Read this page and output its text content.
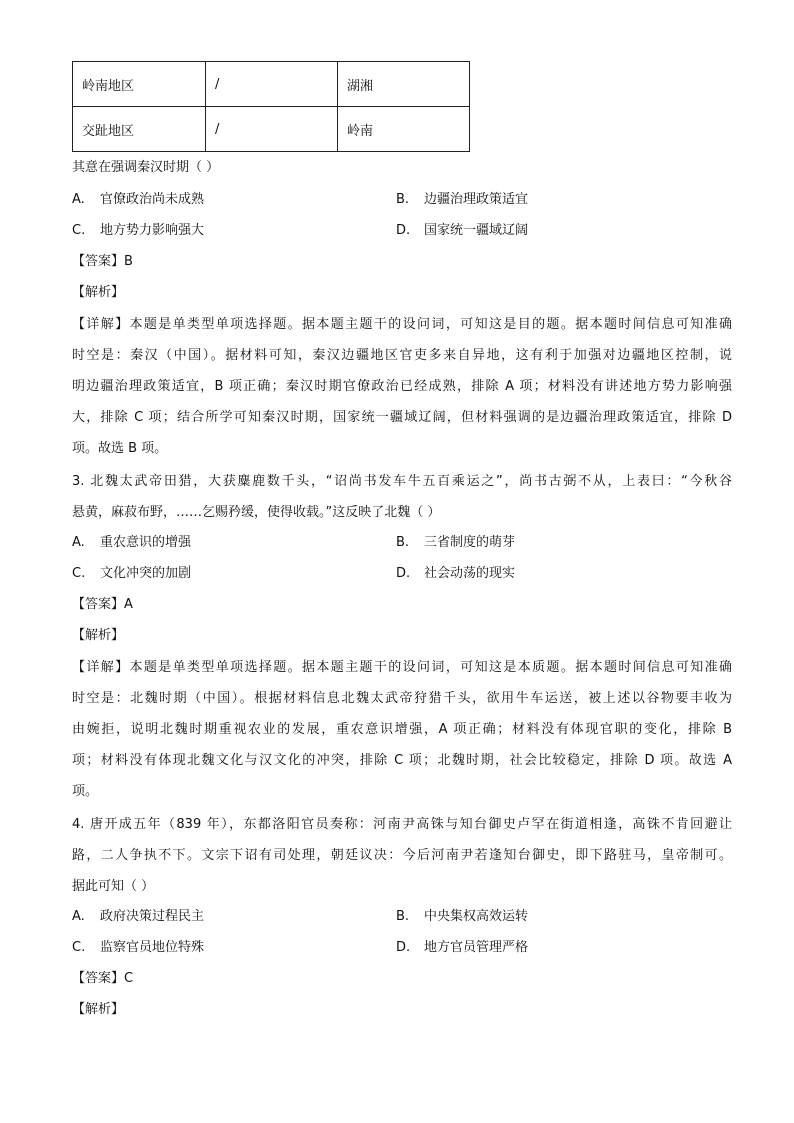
岭南地区	/	湖湘
交趾地区	/	岭南
其意在强调秦汉时期（ ）
A. 官僚政治尚未成熟	B. 边疆治理政策适宜
C. 地方势力影响强大	D. 国家统一疆域辽阔
【答案】B
【解析】
【详解】本题是单类型单项选择题。据本题主题干的设问词，可知这是目的题。据本题时间信息可知准确
时空是：秦汉（中国）。据材料可知，秦汉边疆地区官吏多来自异地，这有利于加强对边疆地区控制，说
明边疆治理政策适宜，B 项正确；秦汉时期官僚政治已经成熟，排除 A 项；材料没有讲述地方势力影响强
大，排除 C 项；结合所学可知秦汉时期，国家统一疆域辽阔，但材料强调的是边疆治理政策适宜，排除 D
项。故选 B 项。
3. 北魏太武帝田猎，大获麋鹿数千头，“诏尚书发车牛五百乘运之”，尚书古弼不从，上表曰：“今秋谷
悬黄，麻菽布野，……乞赐矜缓，使得收载。”这反映了北魏（ ）
A. 重农意识的增强	B. 三省制度的萌芽
C. 文化冲突的加剧	D. 社会动荡的现实
【答案】A
【解析】
【详解】本题是单类型单项选择题。据本题主题干的设问词，可知这是本质题。据本题时间信息可知准确
时空是：北魏时期（中国）。根据材料信息北魏太武帝狩猎千头，欲用牛车运送，被上述以谷物要丰收为
由婉拒，说明北魏时期重视农业的发展，重农意识增强，A 项正确；材料没有体现官职的变化，排除 B
项；材料没有体现北魏文化与汉文化的冲突，排除 C 项；北魏时期，社会比较稳定，排除 D 项。故选 A
项。
4. 唐开成五年（839 年），东都洛阳官员奏称：河南尹高铢与知台御史卢罕在街道相逢，高铢不肯回避让
路，二人争执不下。文宗下诏有司处理，朝廷议决：今后河南尹若逢知台御史，即下路驻马，皇帝制可。
据此可知（ ）
A. 政府决策过程民主	B. 中央集权高效运转
C. 监察官员地位特殊	D. 地方官员管理严格
【答案】C
【解析】
